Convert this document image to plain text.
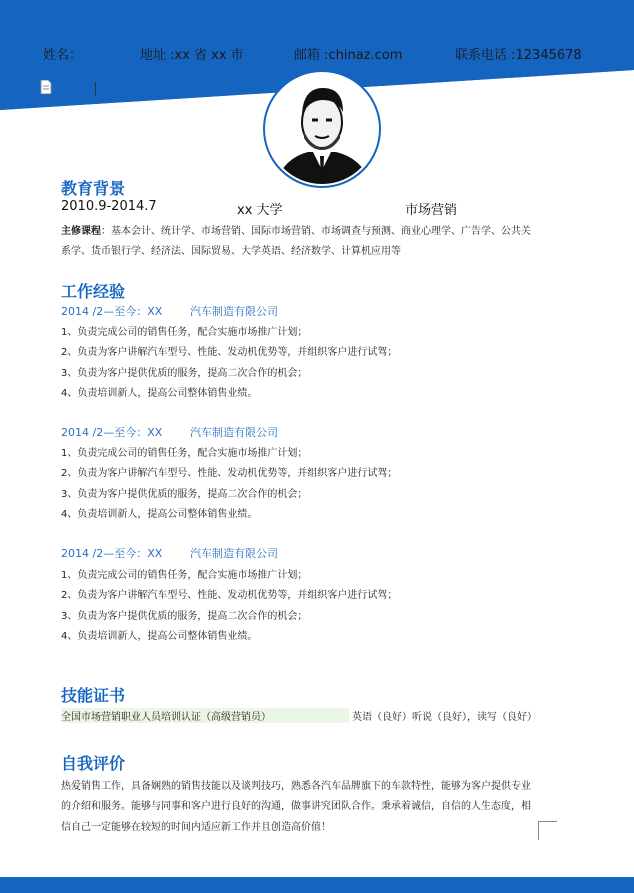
姓名：	地址 :xx 省 xx 市	邮箱 :chinaz.com	联系电话 :12345678
教育背景
2010.9-2014.7	xx 大学	市场营销
主修课程：基本会计、统计学、市场营销、国际市场营销、市场调查与预测、商业心理学、广告学、公共关
系学、货币银行学、经济法、国际贸易、大学英语、经济数学、计算机应用等
工作经验
2014 /2—至今：XX	汽车制造有限公司
1、负责完成公司的销售任务，配合实施市场推广计划；
2、负责为客户讲解汽车型号、性能、发动机优势等，并组织客户进行试驾；
3、负责为客户提供优质的服务，提高二次合作的机会；
4、负责培训新人，提高公司整体销售业绩。
2014 /2—至今：XX	汽车制造有限公司
1、负责完成公司的销售任务，配合实施市场推广计划；
2、负责为客户讲解汽车型号、性能、发动机优势等，并组织客户进行试驾；
3、负责为客户提供优质的服务，提高二次合作的机会；
4、负责培训新人，提高公司整体销售业绩。
2014 /2—至今：XX	汽车制造有限公司
1、负责完成公司的销售任务，配合实施市场推广计划；
2、负责为客户讲解汽车型号、性能、发动机优势等，并组织客户进行试驾；
3、负责为客户提供优质的服务，提高二次合作的机会；
4、负责培训新人，提高公司整体销售业绩。
技能证书
全国市场营销职业人员培训认证（高级营销员）	英语（良好）听说（良好），读写（良好）
自我评价
热爱销售工作，具备娴熟的销售技能以及谈判技巧，熟悉各汽车品牌旗下的车款特性，能够为客户提供专业
的介绍和服务。能够与同事和客户进行良好的沟通，做事讲究团队合作。秉承着诚信，自信的人生态度，相
信自己一定能够在较短的时间内适应新工作并且创造高价值！
